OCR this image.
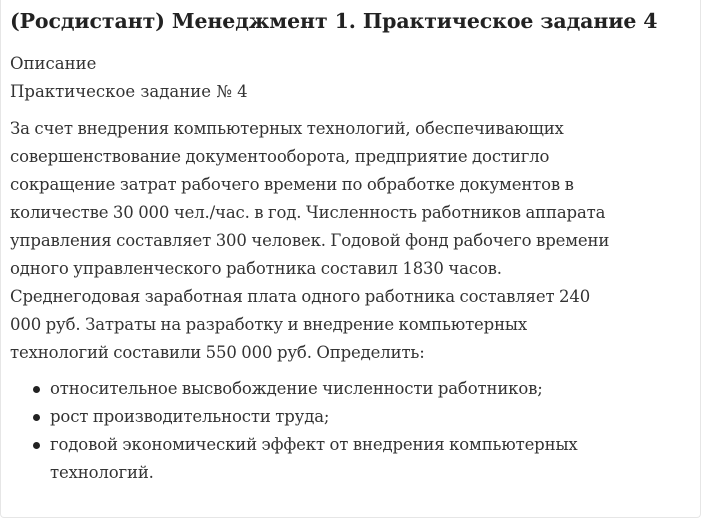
(Росдистант) Менеджмент 1. Практическое задание 4
Описание
Практическое задание № 4

За счет внедрения компьютерных технологий, обеспечивающих
совершенствование документооборота, предприятие достигло
сокращение затрат рабочего времени по обработке документов в
количестве 30 000 чел./час. в год. Численность работников аппарата
управления составляет 300 человек. Годовой фонд рабочего времени
одного управленческого работника составил 1830 часов.
Среднегодовая заработная плата одного работника составляет 240
000 руб. Затраты на разработку и внедрение компьютерных
технологий составили 550 000 руб. Определить:

относительное высвобождение численности работников;
рост производительности труда;
годовой экономический эффект от внедрения компьютерных
технологий.
